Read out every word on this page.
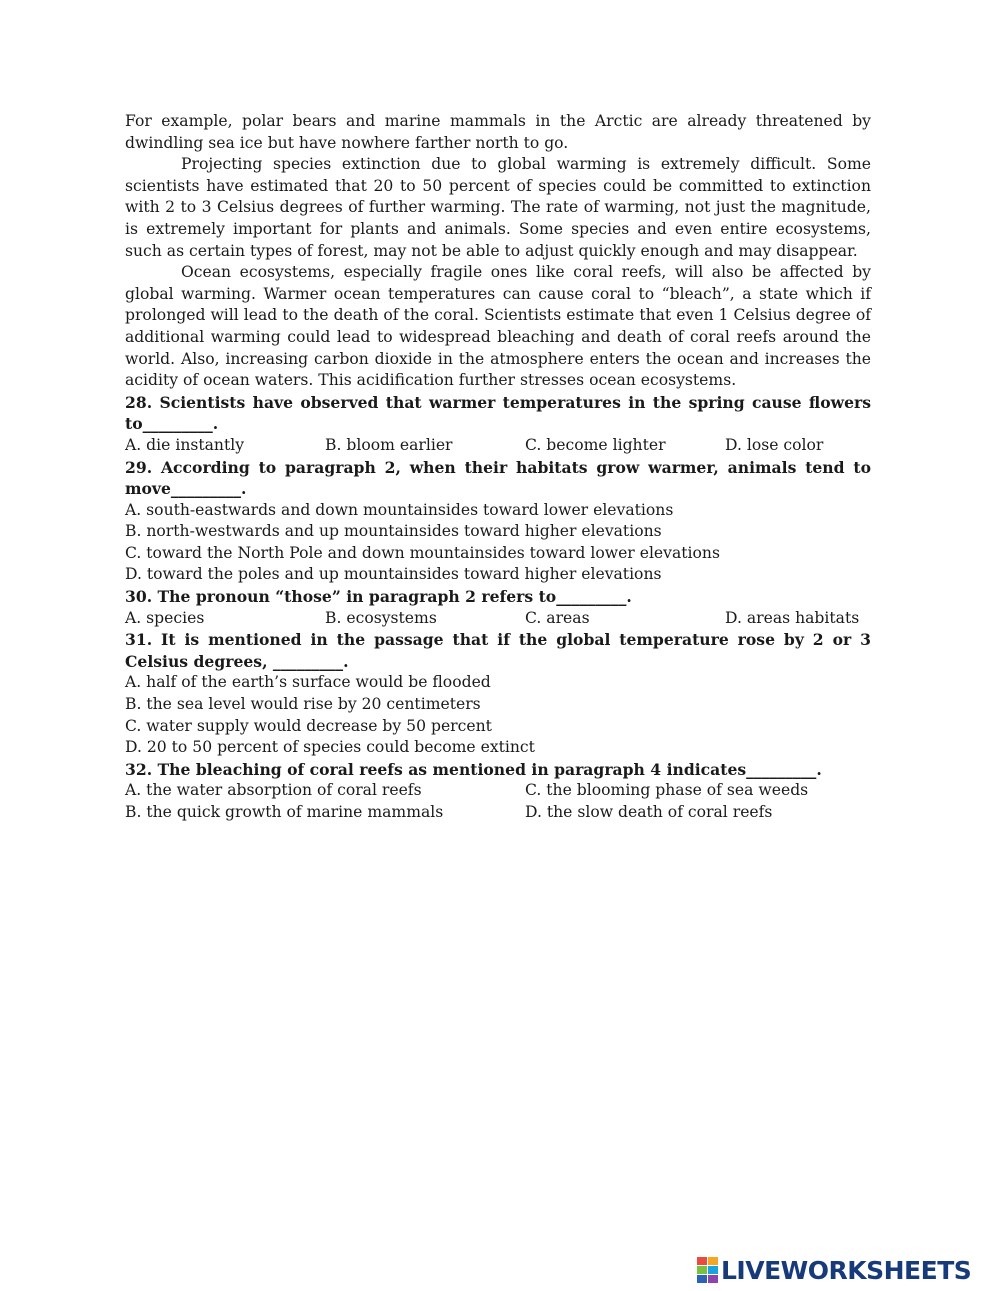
For example, polar bears and marine mammals in the Arctic are already threatened by dwindling sea ice but have nowhere farther north to go.

Projecting species extinction due to global warming is extremely difficult. Some scientists have estimated that 20 to 50 percent of species could be committed to extinction with 2 to 3 Celsius degrees of further warming. The rate of warming, not just the magnitude, is extremely important for plants and animals. Some species and even entire ecosystems, such as certain types of forest, may not be able to adjust quickly enough and may disappear.

Ocean ecosystems, especially fragile ones like coral reefs, will also be affected by global warming. Warmer ocean temperatures can cause coral to “bleach”, a state which if prolonged will lead to the death of the coral. Scientists estimate that even 1 Celsius degree of additional warming could lead to widespread bleaching and death of coral reefs around the world. Also, increasing carbon dioxide in the atmosphere enters the ocean and increases the acidity of ocean waters. This acidification further stresses ocean ecosystems.

28. Scientists have observed that warmer temperatures in the spring cause flowers to_________.

A. die instantly	B. bloom earlier	C. become lighter	D. lose color

29. According to paragraph 2, when their habitats grow warmer, animals tend to move_________.

A. south-eastwards and down mountainsides toward lower elevations
B. north-westwards and up mountainsides toward higher elevations
C. toward the North Pole and down mountainsides toward lower elevations
D. toward the poles and up mountainsides toward higher elevations

30. The pronoun “those” in paragraph 2 refers to_________.

A. species	B. ecosystems	C. areas	D. areas habitats

31. It is mentioned in the passage that if the global temperature rose by 2 or 3 Celsius degrees, _________.

A. half of the earth’s surface would be flooded
B. the sea level would rise by 20 centimeters
C. water supply would decrease by 50 percent
D. 20 to 50 percent of species could become extinct

32. The bleaching of coral reefs as mentioned in paragraph 4 indicates_________.

A. the water absorption of coral reefs	C. the blooming phase of sea weeds
B. the quick growth of marine mammals	D. the slow death of coral reefs
LIVEWORKSHEETS
